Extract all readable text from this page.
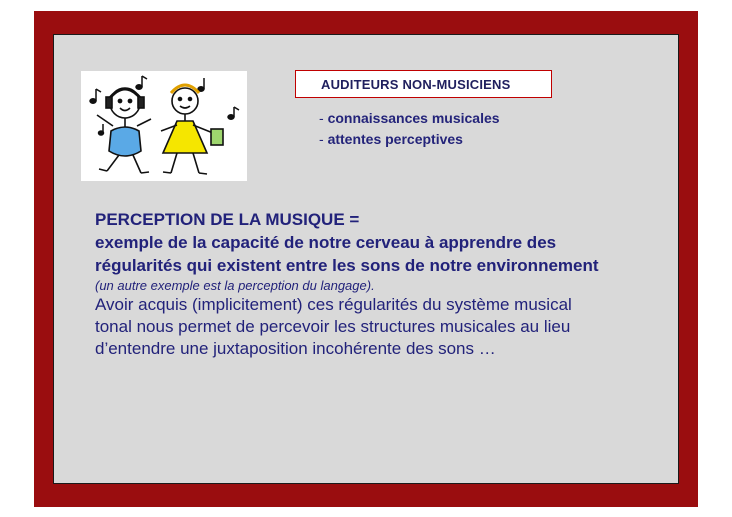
AUDITEURS NON-MUSICIENS
- connaissances musicales
- attentes perceptives
PERCEPTION DE LA MUSIQUE =
exemple de la capacité de notre cerveau à apprendre des
régularités qui existent entre les sons de notre environnement
(un autre exemple est la perception du langage).
Avoir acquis (implicitement) ces régularités du système musical
tonal nous permet de percevoir les structures musicales au lieu
d’entendre une juxtaposition incohérente des sons …
